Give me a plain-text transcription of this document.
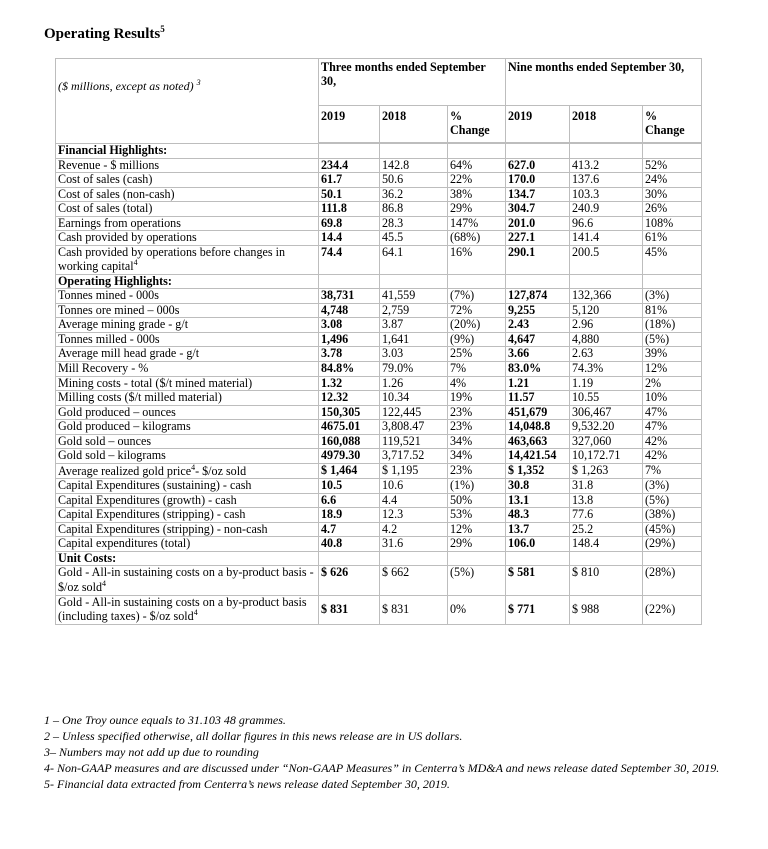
Operating Results$^5$
($ millions, except as noted) $^3$	Three months ended September 30,			Nine months ended September 30,		
	2019	2018	% Change	2019	2018	% Change

Financial Highlights:						
Revenue - $ millions	234.4	142.8	64%	627.0	413.2	52%
Cost of sales (cash)	61.7	50.6	22%	170.0	137.6	24%
Cost of sales (non-cash)	50.1	36.2	38%	134.7	103.3	30%
Cost of sales (total)	111.8	86.8	29%	304.7	240.9	26%
Earnings from operations	69.8	28.3	147%	201.0	96.6	108%
Cash provided by operations	14.4	45.5	(68%)	227.1	141.4	61%
Cash provided by operations before changes in working capital$^4$	74.4	64.1	16%	290.1	200.5	45%
Operating Highlights:						
Tonnes mined - 000s	38,731	41,559	(7%)	127,874	132,366	(3%)
Tonnes ore mined – 000s	4,748	2,759	72%	9,255	5,120	81%
Average mining grade - g/t	3.08	3.87	(20%)	2.43	2.96	(18%)
Tonnes milled - 000s	1,496	1,641	(9%)	4,647	4,880	(5%)
Average mill head grade - g/t	3.78	3.03	25%	3.66	2.63	39%
Mill Recovery - %	84.8%	79.0%	7%	83.0%	74.3%	12%
Mining costs - total ($/t mined material)	1.32	1.26	4%	1.21	1.19	2%
Milling costs ($/t milled material)	12.32	10.34	19%	11.57	10.55	10%
Gold produced – ounces	150,305	122,445	23%	451,679	306,467	47%
Gold produced – kilograms	4675.01	3,808.47	23%	14,048.8	9,532.20	47%
Gold sold – ounces	160,088	119,521	34%	463,663	327,060	42%
Gold sold – kilograms	4979.30	3,717.52	34%	14,421.54	10,172.71	42%
Average realized gold price$^4$- $/oz sold	$ 1,464	$ 1,195	23%	$ 1,352	$ 1,263	7%
Capital Expenditures (sustaining) - cash	10.5	10.6	(1%)	30.8	31.8	(3%)
Capital Expenditures (growth) - cash	6.6	4.4	50%	13.1	13.8	(5%)
Capital Expenditures (stripping) - cash	18.9	12.3	53%	48.3	77.6	(38%)
Capital Expenditures (stripping) - non-cash	4.7	4.2	12%	13.7	25.2	(45%)
Capital expenditures (total)	40.8	31.6	29%	106.0	148.4	(29%)
Unit Costs:						
Gold - All-in sustaining costs on a by-product basis - $/oz sold$^4$	$ 626	$ 662	(5%)	$ 581	$ 810	(28%)
Gold - All-in sustaining costs on a by-product basis (including taxes) - $/oz sold$^4$	$ 831	$ 831	0%	$ 771	$ 988	(22%)
1 – One Troy ounce equals to 31.103 48 grammes.
2 – Unless specified otherwise, all dollar figures in this news release are in US dollars.
3– Numbers may not add up due to rounding
4- Non-GAAP measures and are discussed under “Non-GAAP Measures” in Centerra’s MD&A and news release dated September 30, 2019.
5- Financial data extracted from Centerra’s news release dated September 30, 2019.
